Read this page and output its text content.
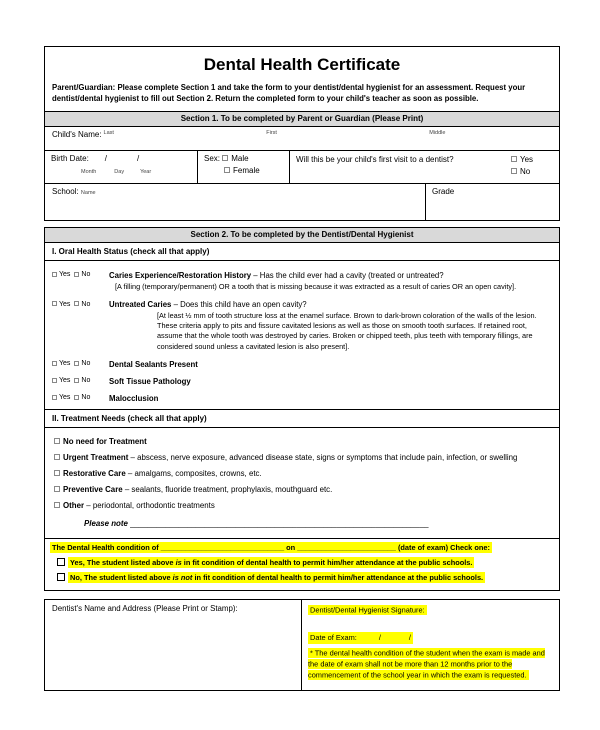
Dental Health Certificate
Parent/Guardian: Please complete Section 1 and take the form to your dentist/dental hygienist for an assessment. Request your dentist/dental hygienist to fill out Section 2. Return the completed form to your child's teacher as soon as possible.
Section 1. To be completed by Parent or Guardian (Please Print)
Child's Name: Last	First	Middle
Birth Date: /	/
Month	Day	Year
Sex: Male
Female
Will this be your child's first visit to a dentist?	Yes
No
School: Name	Grade
Section 2. To be completed by the Dentist/Dental Hygienist
I. Oral Health Status (check all that apply)
Yes No	Caries Experience/Restoration History – Has the child ever had a cavity (treated or untreated?
[A filling (temporary/permanent) OR a tooth that is missing because it was extracted as a result of caries OR an open cavity].
Yes No	Untreated Caries – Does this child have an open cavity?
[At least ½ mm of tooth structure loss at the enamel surface. Brown to dark-brown coloration of the walls of the lesion. These criteria apply to pits and fissure cavitated lesions as well as those on smooth tooth surfaces. If retained root, assume that the whole tooth was destroyed by caries. Broken or chipped teeth, plus teeth with temporary fillings, are considered sound unless a cavitated lesion is also present].
Yes No	Dental Sealants Present
Yes No	Soft Tissue Pathology
Yes No	Malocclusion
II. Treatment Needs (check all that apply)
No need for Treatment
Urgent Treatment – abscess, nerve exposure, advanced disease state, signs or symptoms that include pain, infection, or swelling
Restorative Care – amalgams, composites, crowns, etc.
Preventive Care – sealants, fluoride treatment, prophylaxis, mouthguard etc.
Other – periodontal, orthodontic treatments
Please note ____________________________________________________________________
The Dental Health condition of ______________________________ on ________________________ (date of exam) Check one:
Yes, The student listed above is in fit condition of dental health to permit him/her attendance at the public schools.
No, The student listed above is not in fit condition of dental health to permit him/her attendance at the public schools.
Dentist's Name and Address (Please Print or Stamp):	Dentist/Dental Hygienist Signature:
Date of Exam:	/	/
* The dental health condition of the student when the exam is made and the date of exam shall not be more than 12 months prior to the commencement of the school year in which the exam is requested.
